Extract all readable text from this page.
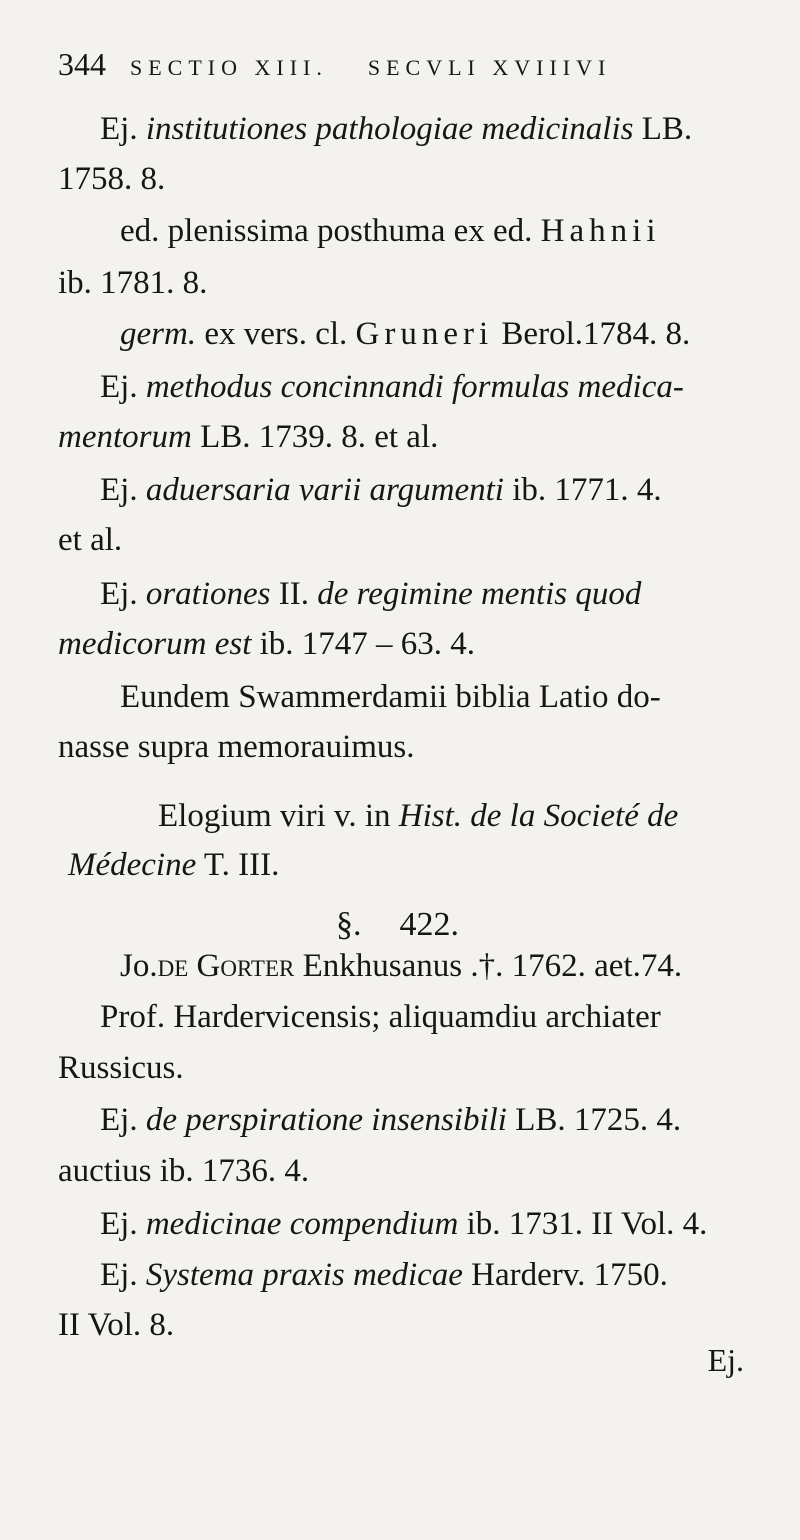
344 SECTIO XIII. SECVLI XVIIIVI
Ej. institutiones pathologiae medicinalis LB.
1758. 8.
ed. plenissima posthuma ex ed. Hahnii
ib. 1781. 8.
germ. ex vers. cl. Gruneri Berol.1784. 8.
Ej. methodus concinnandi formulas medica-
mentorum LB. 1739. 8. et al.
Ej. aduersaria varii argumenti ib. 1771. 4.
et al.
Ej. orationes II. de regimine mentis quod
medicorum est ib. 1747 – 63. 4.
Eundem Swammerdamii biblia Latio do-
nasse supra memorauimus.
Elogium viri v. in Hist. de la Societé de
Médecine T. III.
§. 422.
Jo.de Gorter Enkhusanus .†. 1762. aet.74.
Prof. Hardervicensis; aliquamdiu archiater
Russicus.
Ej. de perspiratione insensibili LB. 1725. 4.
auctius ib. 1736. 4.
Ej. medicinae compendium ib. 1731. II Vol. 4.
Ej. Systema praxis medicae Harderv. 1750.
II Vol. 8.
Ej.
